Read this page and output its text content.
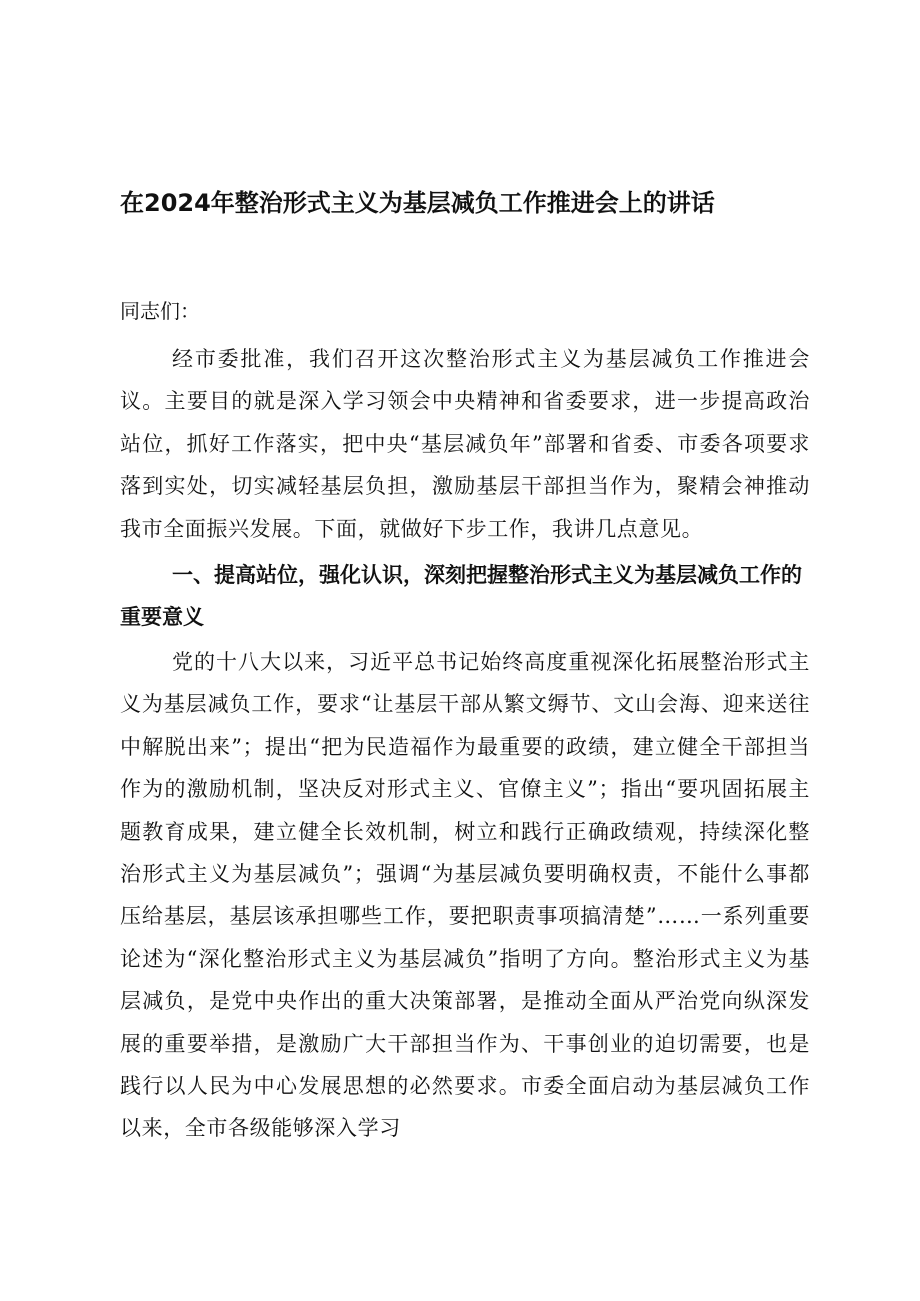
在2024年整治形式主义为基层减负工作推进会上的讲话

同志们：

经市委批准，我们召开这次整治形式主义为基层减负工作推进会议。主要目的就是深入学习领会中央精神和省委要求，进一步提高政治站位，抓好工作落实，把中央“基层减负年”部署和省委、市委各项要求落到实处，切实减轻基层负担，激励基层干部担当作为，聚精会神推动我市全面振兴发展。下面，就做好下步工作，我讲几点意见。

一、提高站位，强化认识，深刻把握整治形式主义为基层减负工作的重要意义

党的十八大以来，习近平总书记始终高度重视深化拓展整治形式主义为基层减负工作，要求“让基层干部从繁文缛节、文山会海、迎来送往中解脱出来”；提出“把为民造福作为最重要的政绩，建立健全干部担当作为的激励机制，坚决反对形式主义、官僚主义”；指出“要巩固拓展主题教育成果，建立健全长效机制，树立和践行正确政绩观，持续深化整治形式主义为基层减负”；强调“为基层减负要明确权责，不能什么事都压给基层，基层该承担哪些工作，要把职责事项搞清楚”……一系列重要论述为“深化整治形式主义为基层减负”指明了方向。整治形式主义为基层减负，是党中央作出的重大决策部署，是推动全面从严治党向纵深发展的重要举措，是激励广大干部担当作为、干事创业的迫切需要，也是践行以人民为中心发展思想的必然要求。市委全面启动为基层减负工作以来，全市各级能够深入学习
